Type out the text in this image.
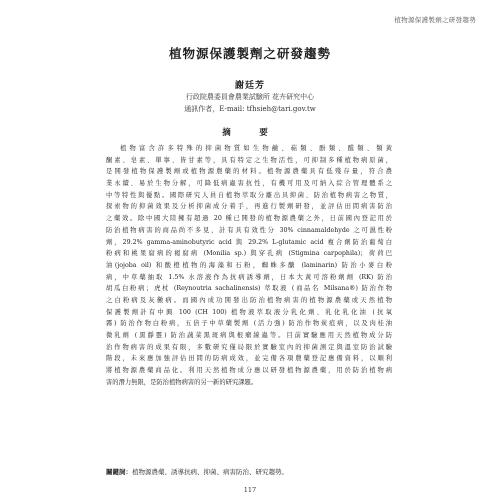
植物源保護製劑之研發趨勢
植物源保護製劑之研發趨勢
謝廷芳
行政院農委員會農業試驗所 花卉研究中心
通訊作者，E-mail: tfhsieh@tari.gov.tw
摘　要
植物富含許多特殊的抑菌物質如生物鹼、萜類、酚類、醛類、類黃
酮素、皂素、單寧、皆甘素等，具有特定之生物活性，可抑制多種植物病原菌，
是開發植物保護製劑或植物源農藥的材料。植物源農藥具有低殘存量，符合農
業永續、易於生物分解，可降低病蟲害抗性，有機可用及可納入綜合管理體系之
中等特性與優點。國際研究人員自植物萃取分離出具抑菌、防治植物病害之物質，
探索物的抑菌效果及分析抑菌成分着手，再進行製劑研發，並評估田間病害防治
之藥效。除中國大陸擁有超過 20 種已開發的植物源農藥之外，日前國內登記用於
防治植物病害的商品尚不多見，計有具有效性分 30% cinnamaldehyde 之可濕性粉
劑，29.2% gamma-aminobutyric acid 與 29.2% L-glutamic acid 複合劑防治葡萄白
粉病和桃果腐病的褐腐病 (Monilia sp.) 與穿孔病 (Stigmina carpophila)；荷荷巴
油(jojoba oil) 和酸橙植物的海藻和石粉，蜘蛛多醣 (laminarin) 防治小麥白粉
病，中草藥抽取 1.5% 水溶液作為抗病誘導劑，日本大黃可溶粉劑劑 (RK) 防治
胡瓜白粉病；虎杖 (Reynoutria sachalinensis) 萃取液 (商品名 Milsana®) 防治作物
之白粉病及灰黴病。而國內成功開發出防治植物病害的植物源農藥或天然植物
保護製劑計有中興 100 (CH 100) 植物液萃取液分乳化劑、乳化乳化油 (抗氧
霧) 防治作物白粉病，五倍子中草藥製劑 (活力強) 防治作物炭疽病，以及肉桂油
微乳劑 (黑靜靈) 防治蔬菜黑斑病與根瘤線蟲等。目前實驗應用天然植物成分防
治作物病害的成果有限，多數研究僅局限於實驗室內的抑菌測定與溫室防治試驗
階段，未來應加強評估田間的防病成效，並完備各項農藥登記應備資料，以順利
將植物源農藥商品化。利用天然植物成分應以研發植物源農藥，用於防治植物病
害的潛力無限，是防治植物病害的另一新的研究課題。
關鍵詞：植物源農藥、誘導抗病、抑菌、病害防治、研究趨勢。
117
